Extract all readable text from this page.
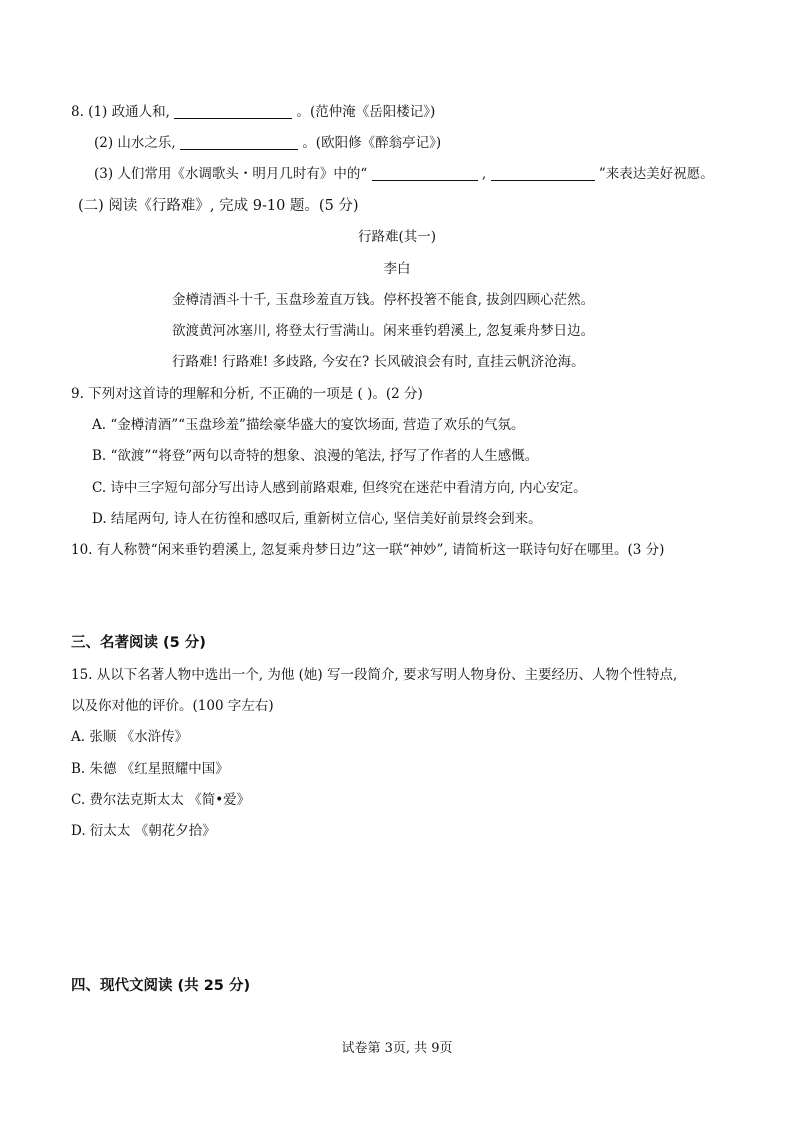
8. (1) 政通人和,	。(范仲淹《岳阳楼记》)
(2) 山水之乐,	。(欧阳修《醉翁亭记》)
(3) 人们常用《水调歌头・明月几时有》中的“	,	”来表达美好祝愿。
(二) 阅读《行路难》, 完成 9-10 题。(5 分)
行路难(其一)
李白
金樽清酒斗十千, 玉盘珍羞直万钱。停杯投箸不能食, 拔剑四顾心茫然。
欲渡黄河冰塞川, 将登太行雪满山。闲来垂钓碧溪上, 忽复乘舟梦日边。
行路难! 行路难! 多歧路, 今安在? 长风破浪会有时, 直挂云帆济沧海。
9. 下列对这首诗的理解和分析, 不正确的一项是 ( )。(2 分)
A. “金樽清酒”“玉盘珍羞”描绘豪华盛大的宴饮场面, 营造了欢乐的气氛。
B. “欲渡”“将登”两句以奇特的想象、浪漫的笔法, 抒写了作者的人生感慨。
C. 诗中三字短句部分写出诗人感到前路艰难, 但终究在迷茫中看清方向, 内心安定。
D. 结尾两句, 诗人在彷徨和感叹后, 重新树立信心, 坚信美好前景终会到来。
10. 有人称赞“闲来垂钓碧溪上, 忽复乘舟梦日边”这一联“神妙”, 请简析这一联诗句好在哪里。(3 分)
三、名著阅读 (5 分)
15. 从以下名著人物中选出一个, 为他 (她) 写一段简介, 要求写明人物身份、主要经历、人物个性特点,
以及你对他的评价。(100 字左右)
A. 张顺 《水浒传》
B. 朱德 《红星照耀中国》
C. 费尔法克斯太太 《简•爱》
D. 衍太太 《朝花夕拾》
四、现代文阅读 (共 25 分)
试卷第 3页, 共 9页
